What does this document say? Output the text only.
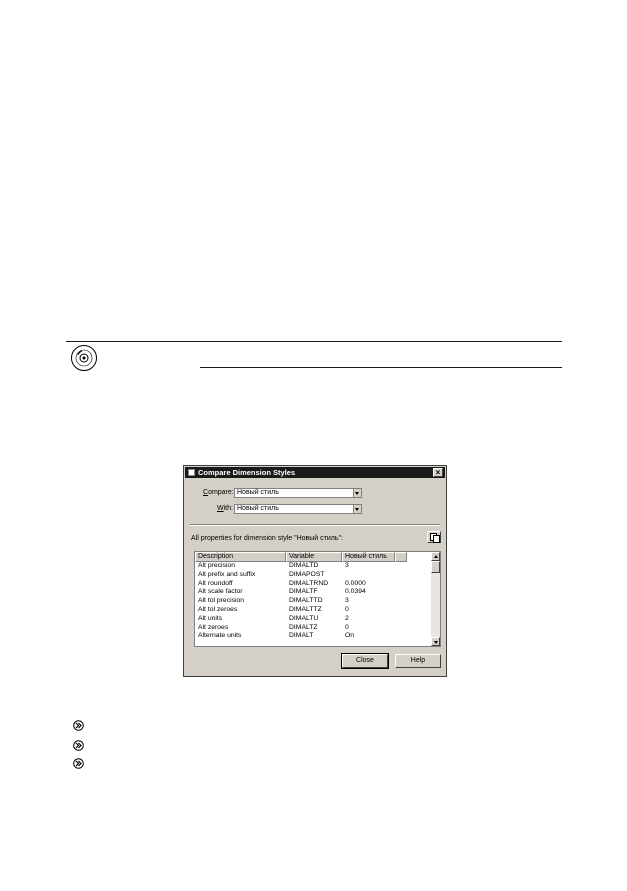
Compare Dimension Styles	×
Compare: Новый стиль
With: Новый стиль
All properties for dimension style "Новый стиль":
Description	Variable	Новый стиль
Alt precision	DIMALTD	3
Alt prefix and suffix	DIMAPOST
Alt roundoff	DIMALTRND 0.0000
Alt scale factor	DIMALTF	0.0394
Alt tol precision	DIMALTTD	3
Alt tol zeroes	DIMALTTZ	0
Alt units	DIMALTU	2
Alt zeroes	DIMALTZ	0
Alternate units	DIMALT	On
Close	Help
